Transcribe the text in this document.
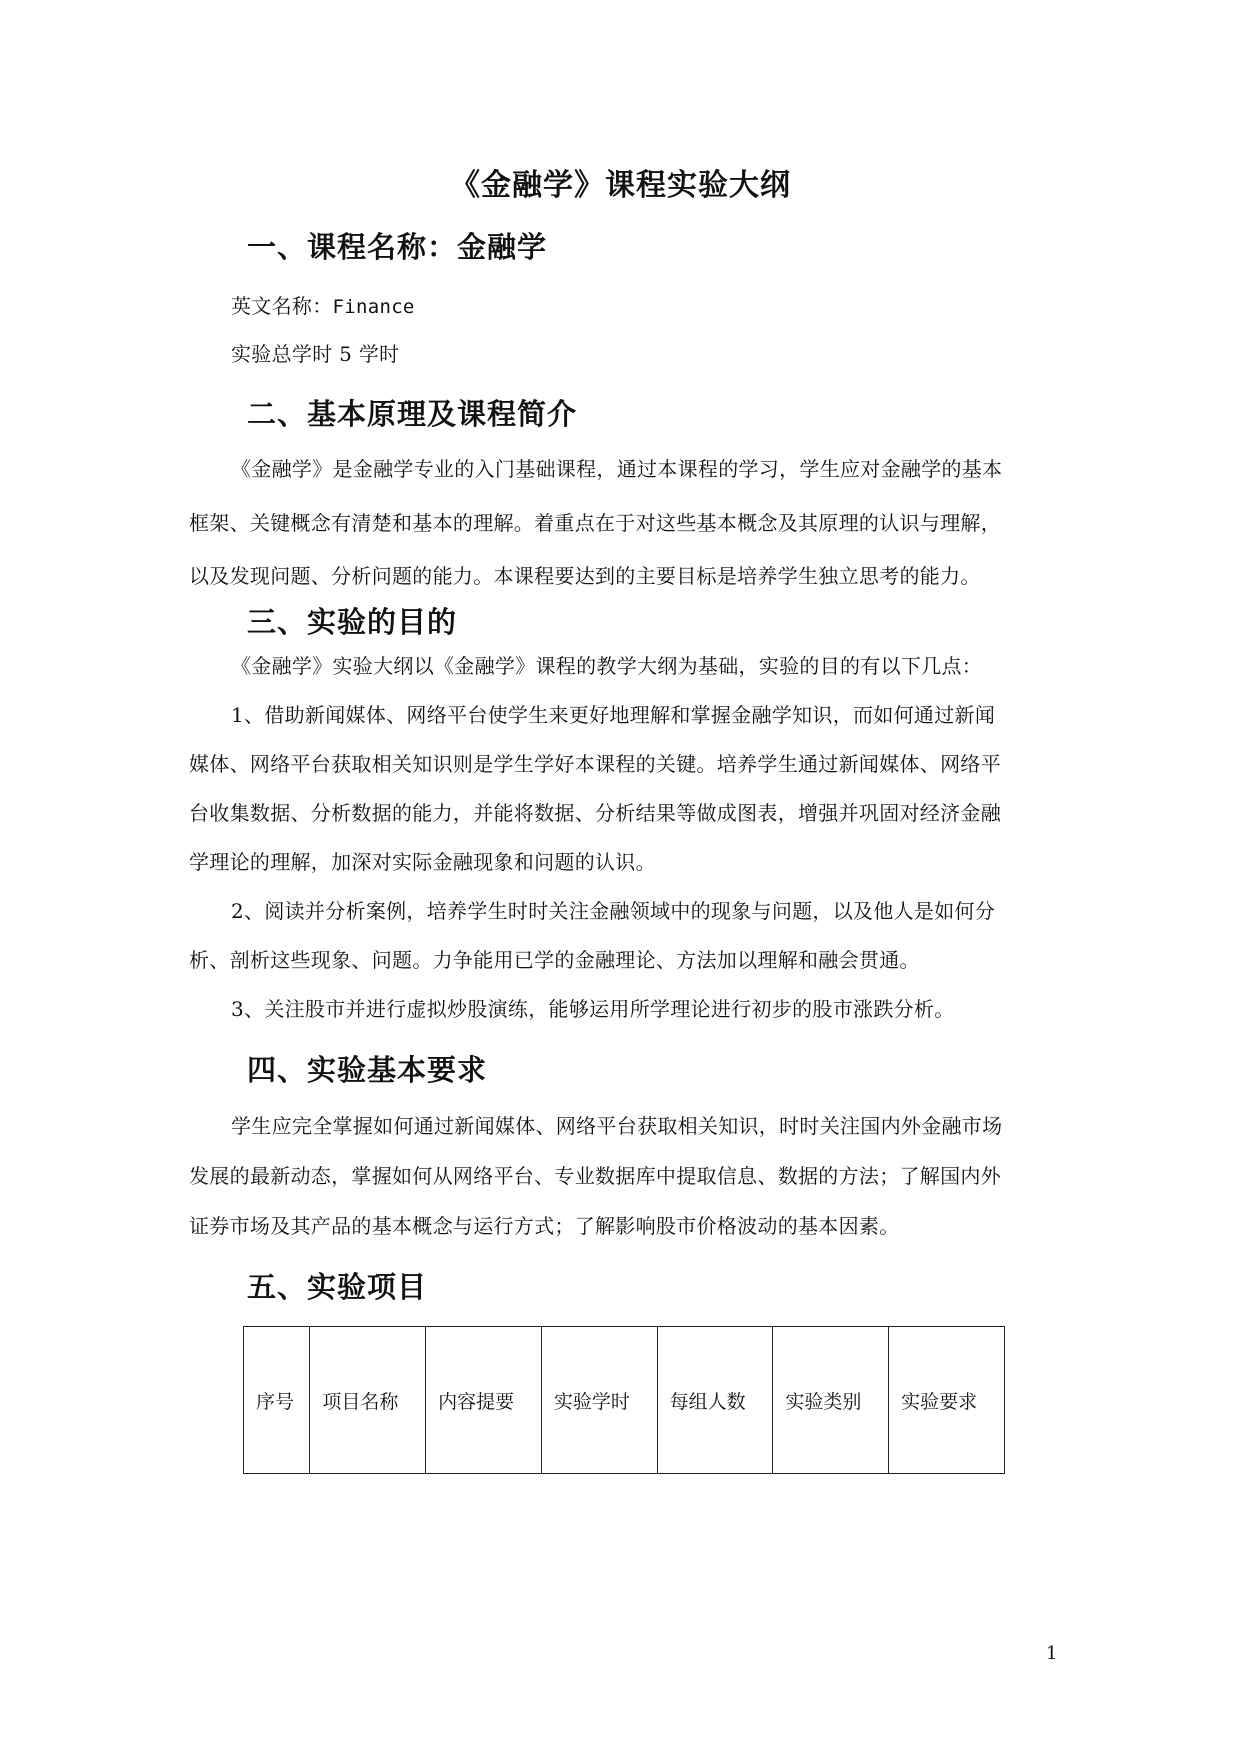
《金融学》课程实验大纲
一、课程名称：金融学
英文名称：Finance
实验总学时 5 学时
二、基本原理及课程简介
《金融学》是金融学专业的入门基础课程，通过本课程的学习，学生应对金融学的基本
框架、关键概念有清楚和基本的理解。着重点在于对这些基本概念及其原理的认识与理解，
以及发现问题、分析问题的能力。本课程要达到的主要目标是培养学生独立思考的能力。
三、实验的目的
《金融学》实验大纲以《金融学》课程的教学大纲为基础，实验的目的有以下几点：
1、借助新闻媒体、网络平台使学生来更好地理解和掌握金融学知识，而如何通过新闻
媒体、网络平台获取相关知识则是学生学好本课程的关键。培养学生通过新闻媒体、网络平
台收集数据、分析数据的能力，并能将数据、分析结果等做成图表，增强并巩固对经济金融
学理论的理解，加深对实际金融现象和问题的认识。
2、阅读并分析案例，培养学生时时关注金融领域中的现象与问题，以及他人是如何分
析、剖析这些现象、问题。力争能用已学的金融理论、方法加以理解和融会贯通。
3、关注股市并进行虚拟炒股演练，能够运用所学理论进行初步的股市涨跌分析。
四、实验基本要求
学生应完全掌握如何通过新闻媒体、网络平台获取相关知识，时时关注国内外金融市场
发展的最新动态，掌握如何从网络平台、专业数据库中提取信息、数据的方法；了解国内外
证券市场及其产品的基本概念与运行方式；了解影响股市价格波动的基本因素。
五、实验项目
序号	项目名称	内容提要	实验学时	每组人数	实验类别	实验要求
1
